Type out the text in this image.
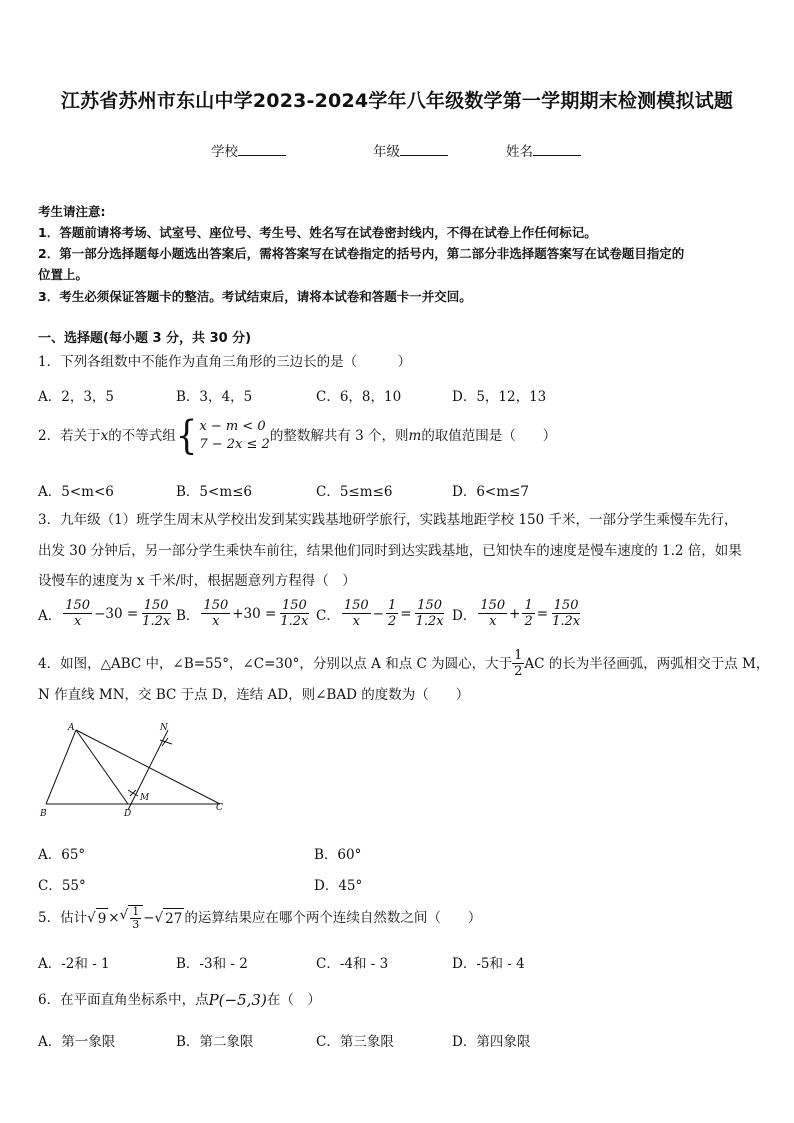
江苏省苏州市东山中学2023-2024学年八年级数学第一学期期末检测模拟试题
学校	年级	姓名
考生请注意:
1．答题前请将考场、试室号、座位号、考生号、姓名写在试卷密封线内，不得在试卷上作任何标记。
2．第一部分选择题每小题选出答案后，需将答案写在试卷指定的括号内，第二部分非选择题答案写在试卷题目指定的
位置上。
3．考生必须保证答题卡的整洁。考试结束后，请将本试卷和答题卡一并交回。
一、选择题(每小题 3 分，共 30 分)
1．下列各组数中不能作为直角三角形的三边长的是（　　　）
A．2，3，5	B．3，4，5	C．6，8，10	D．5，12，13
2．若关于 x 的不等式组 { x − m < 0
7 − 2x ≤ 2
的整数解共有 3 个，则 m 的取值范围是（　　）
A．5<m<6	B．5<m≤6	C．5≤m≤6	D．6<m≤7
3．九年级（1）班学生周末从学校出发到某实践基地研学旅行，实践基地距学校 150 千米，一部分学生乘慢车先行，
出发 30 分钟后，另一部分学生乘快车前往，结果他们同时到达实践基地，已知快车的速度是慢车速度的 1.2 倍，如果
设慢车的速度为 x 千米/时，根据题意列方程得（　）
A． $\frac{150}{x} -30 = \frac{150}{1.2x}$ B． $\frac{150}{x} +30 = \frac{150}{1.2x}$ C． $\frac{150}{x} - \frac{1}{2} = \frac{150}{1.2x}$ D． $\frac{150}{x} + \frac{1}{2} = \frac{150}{1.2x}$
4．如图，△ABC 中，∠B=55°，∠C=30°，分别以点 A 和点 C 为圆心，大于 $\frac{1}{2}$ AC 的长为半径画弧，两弧相交于点 M，
N 作直线 MN，交 BC 于点 D，连结 AD，则∠BAD 的度数为（　　）
A
B
C
D
M
N
A．65°	B．60°
C．55°	D．45°
5．估计 √ 9 × √ $\frac{1}{3}$ − √ 27 的运算结果应在哪个两个连续自然数之间（　　）
A．-2和 - 1	B．-3和 - 2	C．-4和 - 3	D．-5和 - 4
6．在平面直角坐标系中，点 P(−5,3) 在（　）
A．第一象限	B．第二象限	C．第三象限	D．第四象限
